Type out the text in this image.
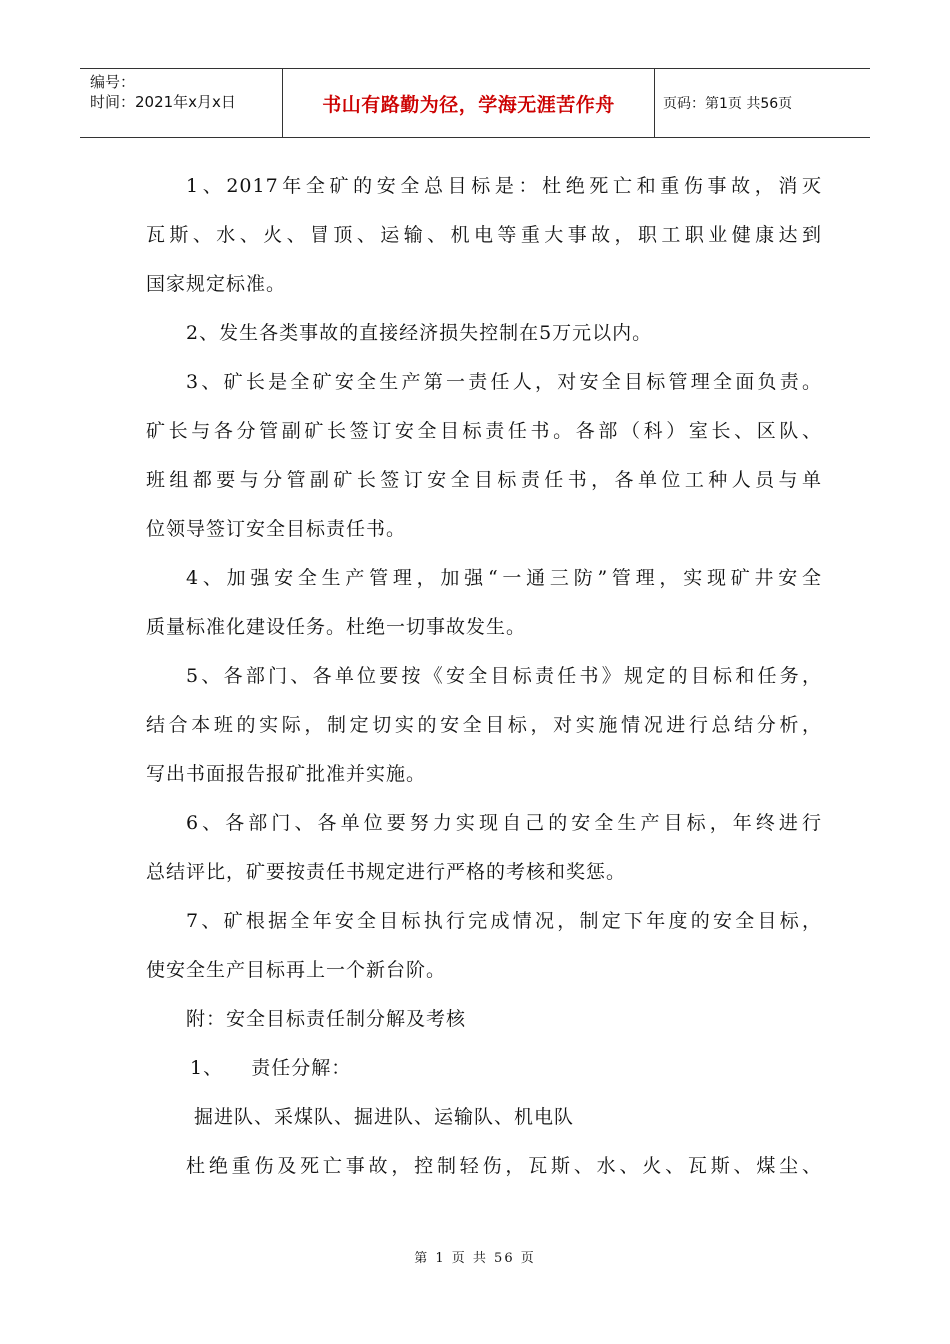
编号：
时间：2021年x月x日	书山有路勤为径，学海无涯苦作舟	页码：第1页 共56页
1、2017年全矿的安全总目标是：杜绝死亡和重伤事故，消灭
瓦斯、水、火、冒顶、运输、机电等重大事故，职工职业健康达到
国家规定标准。
2、发生各类事故的直接经济损失控制在5万元以内。
3、矿长是全矿安全生产第一责任人，对安全目标管理全面负责。
矿长与各分管副矿长签订安全目标责任书。各部（科）室长、区队、
班组都要与分管副矿长签订安全目标责任书，各单位工种人员与单
位领导签订安全目标责任书。
4、加强安全生产管理，加强“一通三防”管理，实现矿井安全
质量标准化建设任务。杜绝一切事故发生。
5、各部门、各单位要按《安全目标责任书》规定的目标和任务，
结合本班的实际，制定切实的安全目标，对实施情况进行总结分析，
写出书面报告报矿批准并实施。
6、各部门、各单位要努力实现自己的安全生产目标，年终进行
总结评比，矿要按责任书规定进行严格的考核和奖惩。
7、矿根据全年安全目标执行完成情况，制定下年度的安全目标，
使安全生产目标再上一个新台阶。
附：安全目标责任制分解及考核
1、    责任分解：
掘进队、采煤队、掘进队、运输队、机电队
杜绝重伤及死亡事故，控制轻伤，瓦斯、水、火、瓦斯、煤尘、
第 1 页 共 56 页
